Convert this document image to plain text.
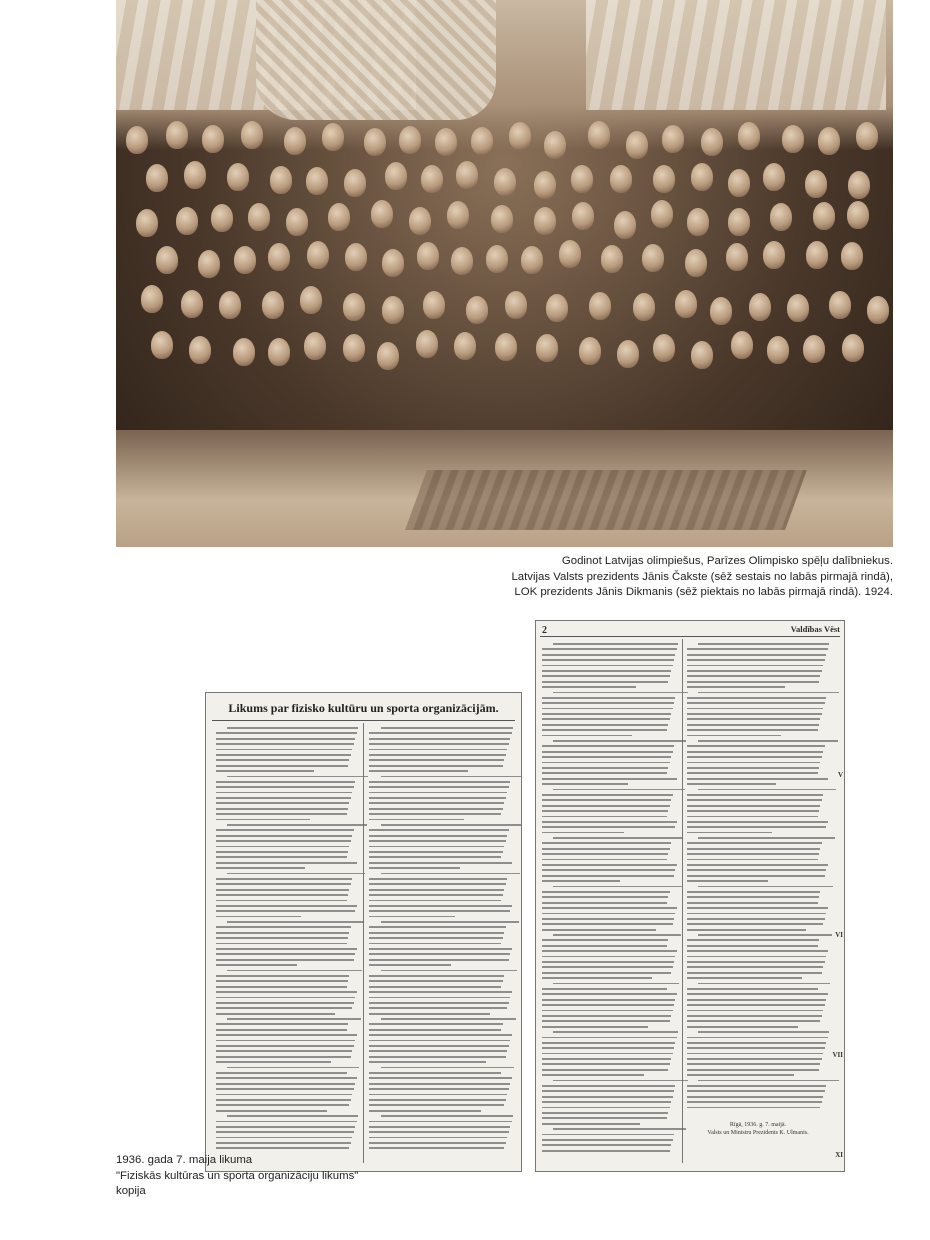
Godinot Latvijas olimpiešus, Parīzes Olimpisko spēļu dalībniekus.
Latvijas Valsts prezidents Jānis Čakste (sēž sestais no labās pirmajā rindā),
LOK prezidents Jānis Dikmanis (sēž piektais no labās pirmajā rindā). 1924.
Likums par fizisko kultūru un sporta organizācijām.
2	Valdības Vēst
Rīgā, 1936. g. 7. maijā.
Valsts un Ministru Prezidents K. Ulmanis.
V
VI
VII
XI
1936. gada 7. maija likuma
"Fiziskās kultūras un sporta organizāciju likums" kopija
